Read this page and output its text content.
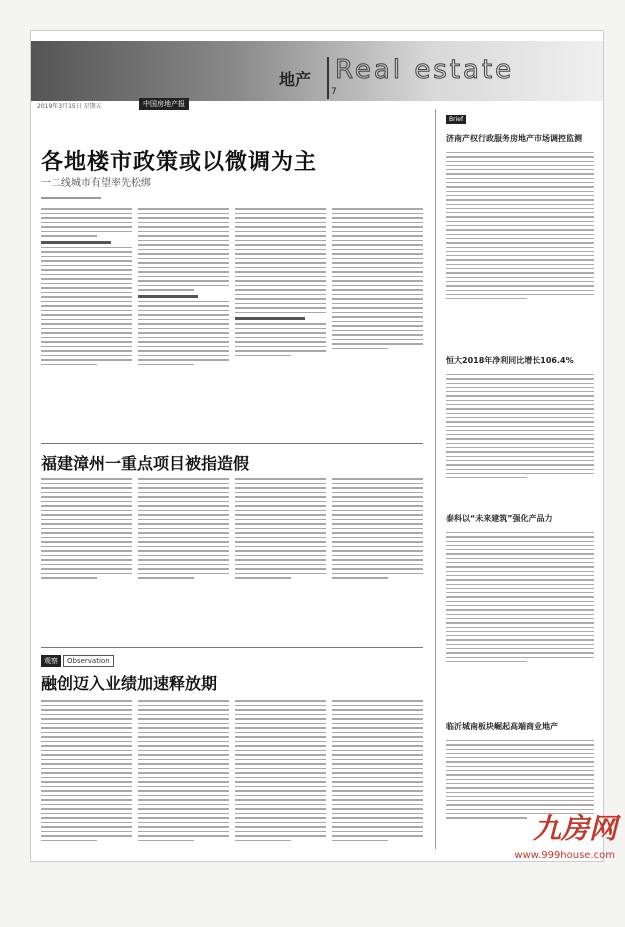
地产 Real estate
7
2019年3月15日 星期五	中国房地产报
各地楼市政策或以微调为主
一二线城市有望率先松绑
福建漳州一重点项目被指造假
观察	Observation
融创迈入业绩加速释放期
Brief
济南产权行政服务房地产市场调控监测
恒大2018年净利同比增长106.4%
泰科以“未来建筑”强化产品力
临沂城南板块崛起高端商业地产
九房网
www.999house.com
